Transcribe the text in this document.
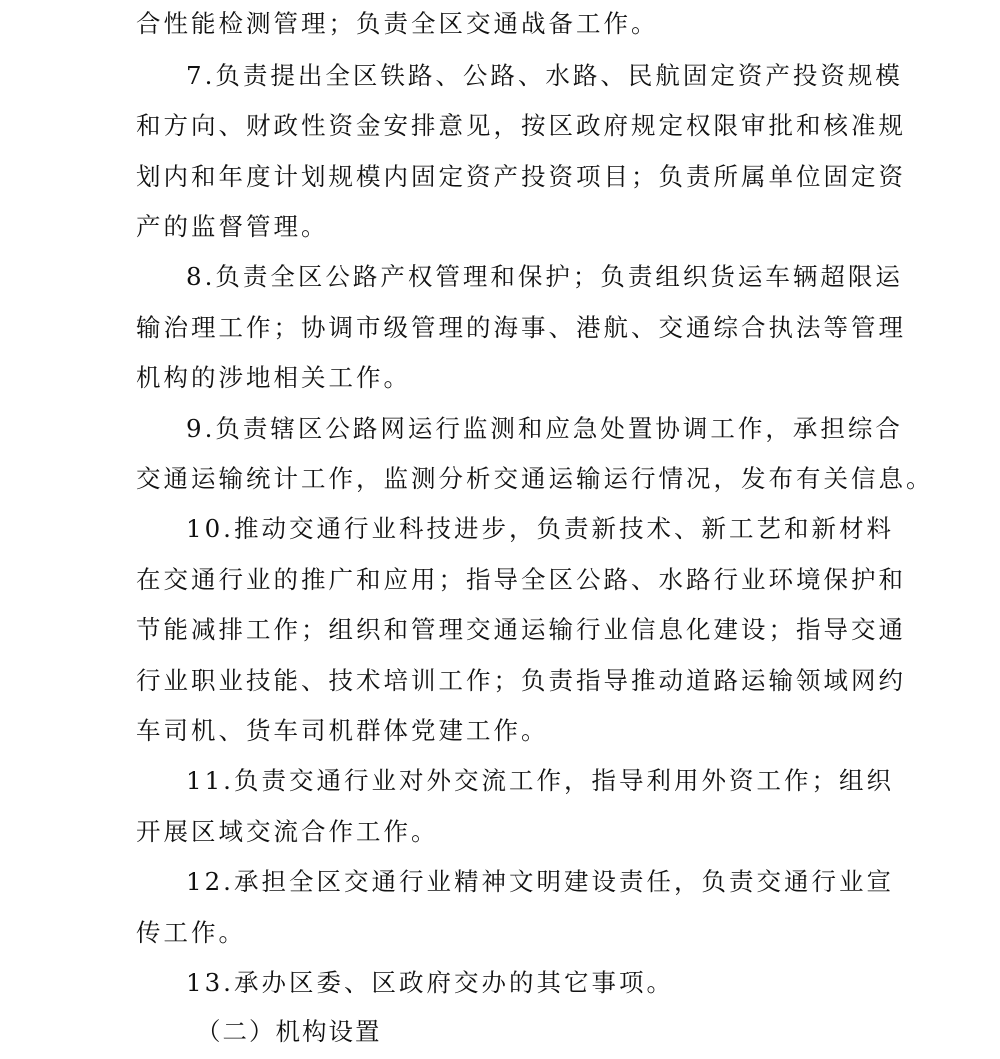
合性能检测管理；负责全区交通战备工作。
7.负责提出全区铁路、公路、水路、民航固定资产投资规模
和方向、财政性资金安排意见，按区政府规定权限审批和核准规
划内和年度计划规模内固定资产投资项目；负责所属单位固定资
产的监督管理。
8.负责全区公路产权管理和保护；负责组织货运车辆超限运
输治理工作；协调市级管理的海事、港航、交通综合执法等管理
机构的涉地相关工作。
9.负责辖区公路网运行监测和应急处置协调工作，承担综合
交通运输统计工作，监测分析交通运输运行情况，发布有关信息。
10.推动交通行业科技进步，负责新技术、新工艺和新材料
在交通行业的推广和应用；指导全区公路、水路行业环境保护和
节能减排工作；组织和管理交通运输行业信息化建设；指导交通
行业职业技能、技术培训工作；负责指导推动道路运输领域网约
车司机、货车司机群体党建工作。
11.负责交通行业对外交流工作，指导利用外资工作；组织
开展区域交流合作工作。
12.承担全区交通行业精神文明建设责任，负责交通行业宣
传工作。
13.承办区委、区政府交办的其它事项。
（二）机构设置
